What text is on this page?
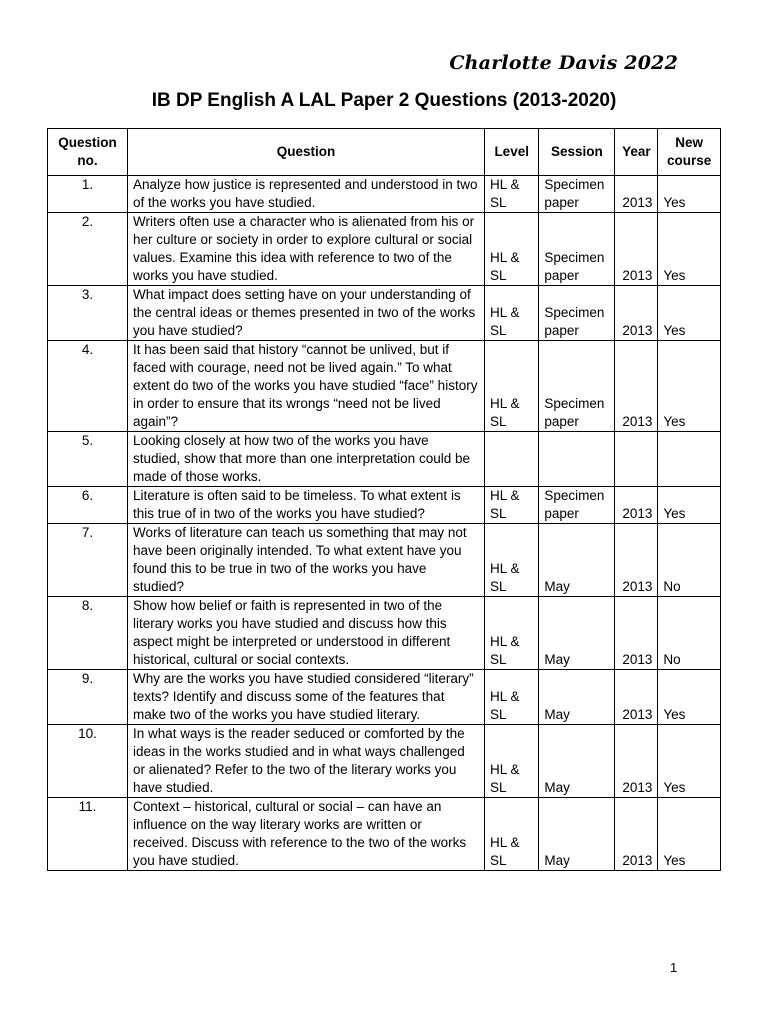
Charlotte Davis 2022
IB DP English A LAL Paper 2 Questions (2013-2020)
Question no.	Question	Level	Session	Year	New course
1.	Analyze how justice is represented and understood in two of the works you have studied.	HL & SL	Specimen paper	2013	Yes
2.	Writers often use a character who is alienated from his or her culture or society in order to explore cultural or social values. Examine this idea with reference to two of the works you have studied.	HL & SL	Specimen paper	2013	Yes
3.	What impact does setting have on your understanding of the central ideas or themes presented in two of the works you have studied?	HL & SL	Specimen paper	2013	Yes
4.	It has been said that history “cannot be unlived, but if faced with courage, need not be lived again.” To what extent do two of the works you have studied “face” history in order to ensure that its wrongs “need not be lived again”?	HL & SL	Specimen paper	2013	Yes
5.	Looking closely at how two of the works you have studied, show that more than one interpretation could be made of those works.				
6.	Literature is often said to be timeless. To what extent is this true of in two of the works you have studied?	HL & SL	Specimen paper	2013	Yes
7.	Works of literature can teach us something that may not have been originally intended. To what extent have you found this to be true in two of the works you have studied?	HL & SL	May	2013	No
8.	Show how belief or faith is represented in two of the literary works you have studied and discuss how this aspect might be interpreted or understood in different historical, cultural or social contexts.	HL & SL	May	2013	No
9.	Why are the works you have studied considered “literary” texts? Identify and discuss some of the features that make two of the works you have studied literary.	HL & SL	May	2013	Yes
10.	In what ways is the reader seduced or comforted by the ideas in the works studied and in what ways challenged or alienated? Refer to the two of the literary works you have studied.	HL & SL	May	2013	Yes
11.	Context – historical, cultural or social – can have an influence on the way literary works are written or received. Discuss with reference to the two of the works you have studied.	HL & SL	May	2013	Yes
1
